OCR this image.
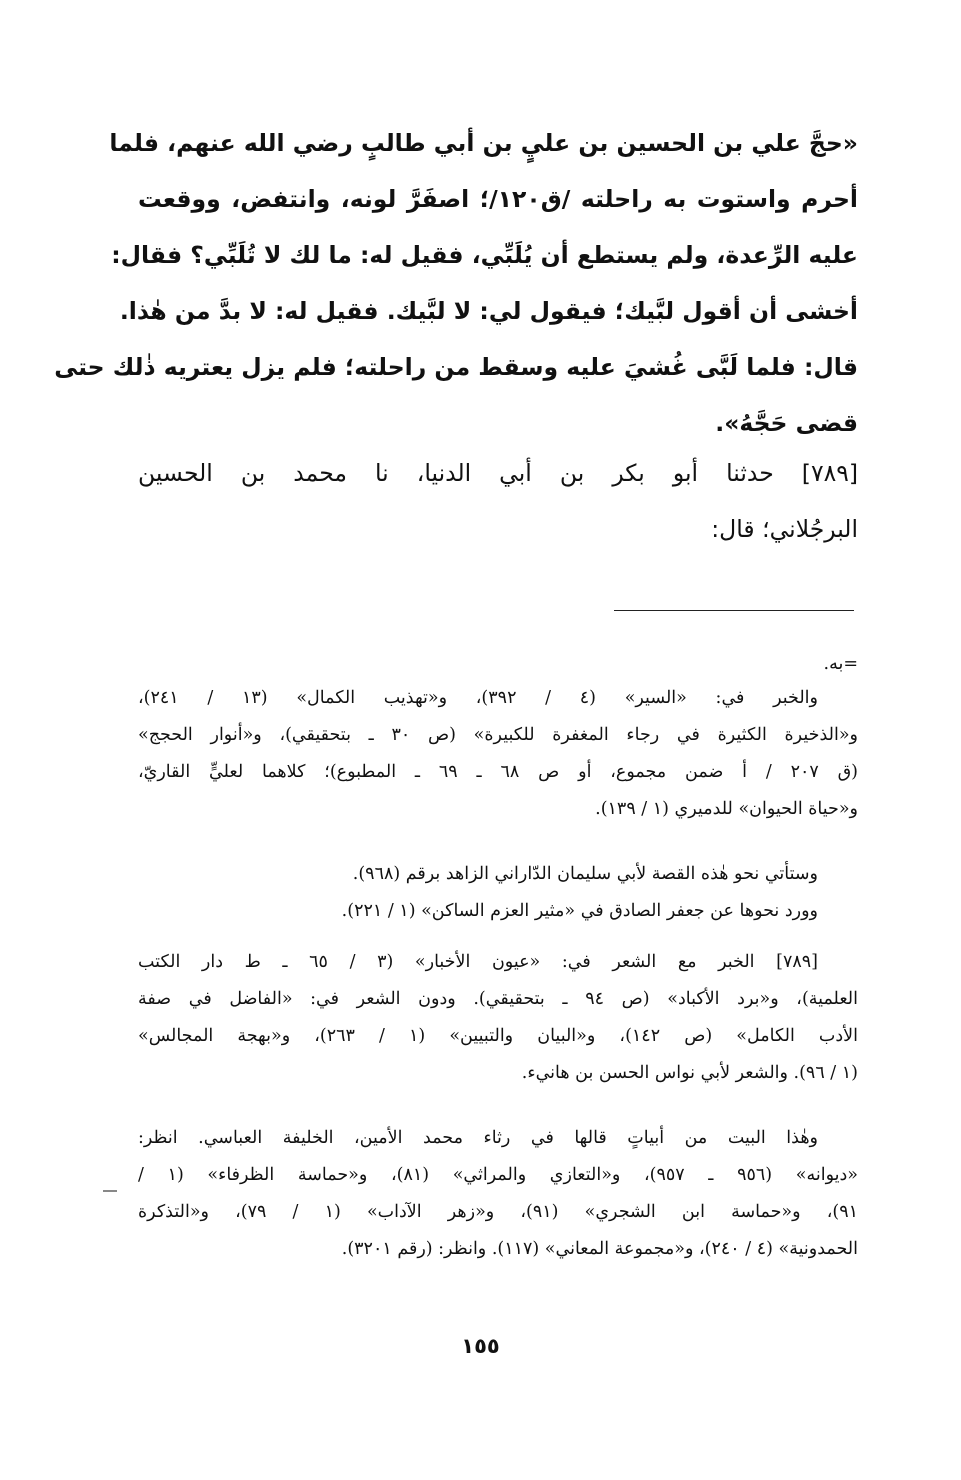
«حجَّ علي بن الحسين بن عليٍ بن أبي طالبٍ رضي الله عنهم، فلما
أحرم واستوت به راحلته /ق١٢٠/؛ اصفَرَّ لونه، وانتفض، ووقعت
عليه الرِّعدة، ولم يستطع أن يُلَبِّي، فقيل له: ما لك لا تُلَبِّي؟ فقال:
أخشى أن أقول لبَّيك؛ فيقول لي: لا لبَّيك. فقيل له: لا بدَّ من هٰذا.
قال: فلما لَبَّى غُشيَ عليه وسقط من راحلته؛ فلم يزل يعتريه ذٰلك حتى
قضى حَجَّهُ».
[٧٨٩] حدثنا أبو بكر بن أبي الدنيا، نا محمد بن الحسين
البرجُلاني؛ قال:
=به.
والخبر في: «السير» (٤ / ٣٩٢)، و«تهذيب الكمال» (١٣ / ٢٤١)،
و«الذخيرة الكثيرة في رجاء المغفرة للكبيرة» (ص ٣٠ ـ بتحقيقي)، و«أنوار الحجج»
(ق ٢٠٧ / أ ضمن مجموع، أو ص ٦٨ ـ ٦٩ ـ المطبوع)؛ كلاهما لعليٍّ القاريّ،
و«حياة الحيوان» للدميري (١ / ١٣٩).
وستأتي نحو هٰذه القصة لأبي سليمان الدّاراني الزاهد برقم (٩٦٨).
وورد نحوها عن جعفر الصادق في «مثير العزم الساكن» (١ / ٢٢١).
[٧٨٩] الخبر مع الشعر في: «عيون الأخبار» (٣ / ٦٥ ـ ط دار الكتب
العلمية)، و«برد الأكباد» (ص ٩٤ ـ بتحقيقي). ودون الشعر في: «الفاضل في صفة
الأدب الكامل» (ص ١٤٢)، و«البيان والتبيين» (١ / ٢٦٣)، و«بهجة المجالس»
(١ / ٩٦). والشعر لأبي نواس الحسن بن هانيء.
وهٰذا البيت من أبياتٍ قالها في رثاء محمد الأمين، الخليفة العباسي. انظر:
«ديوانه» (٩٥٦ ـ ٩٥٧)، و«التعازي والمراثي» (٨١)، و«حماسة الظرفاء» (١ /
٩١)، و«حماسة ابن الشجري» (٩١)، و«زهر الآداب» (١ / ٧٩)، و«التذكرة
الحمدونية» (٤ / ٢٤٠)، و«مجموعة المعاني» (١١٧). وانظر: (رقم ٣٢٠١).
١٥٥
